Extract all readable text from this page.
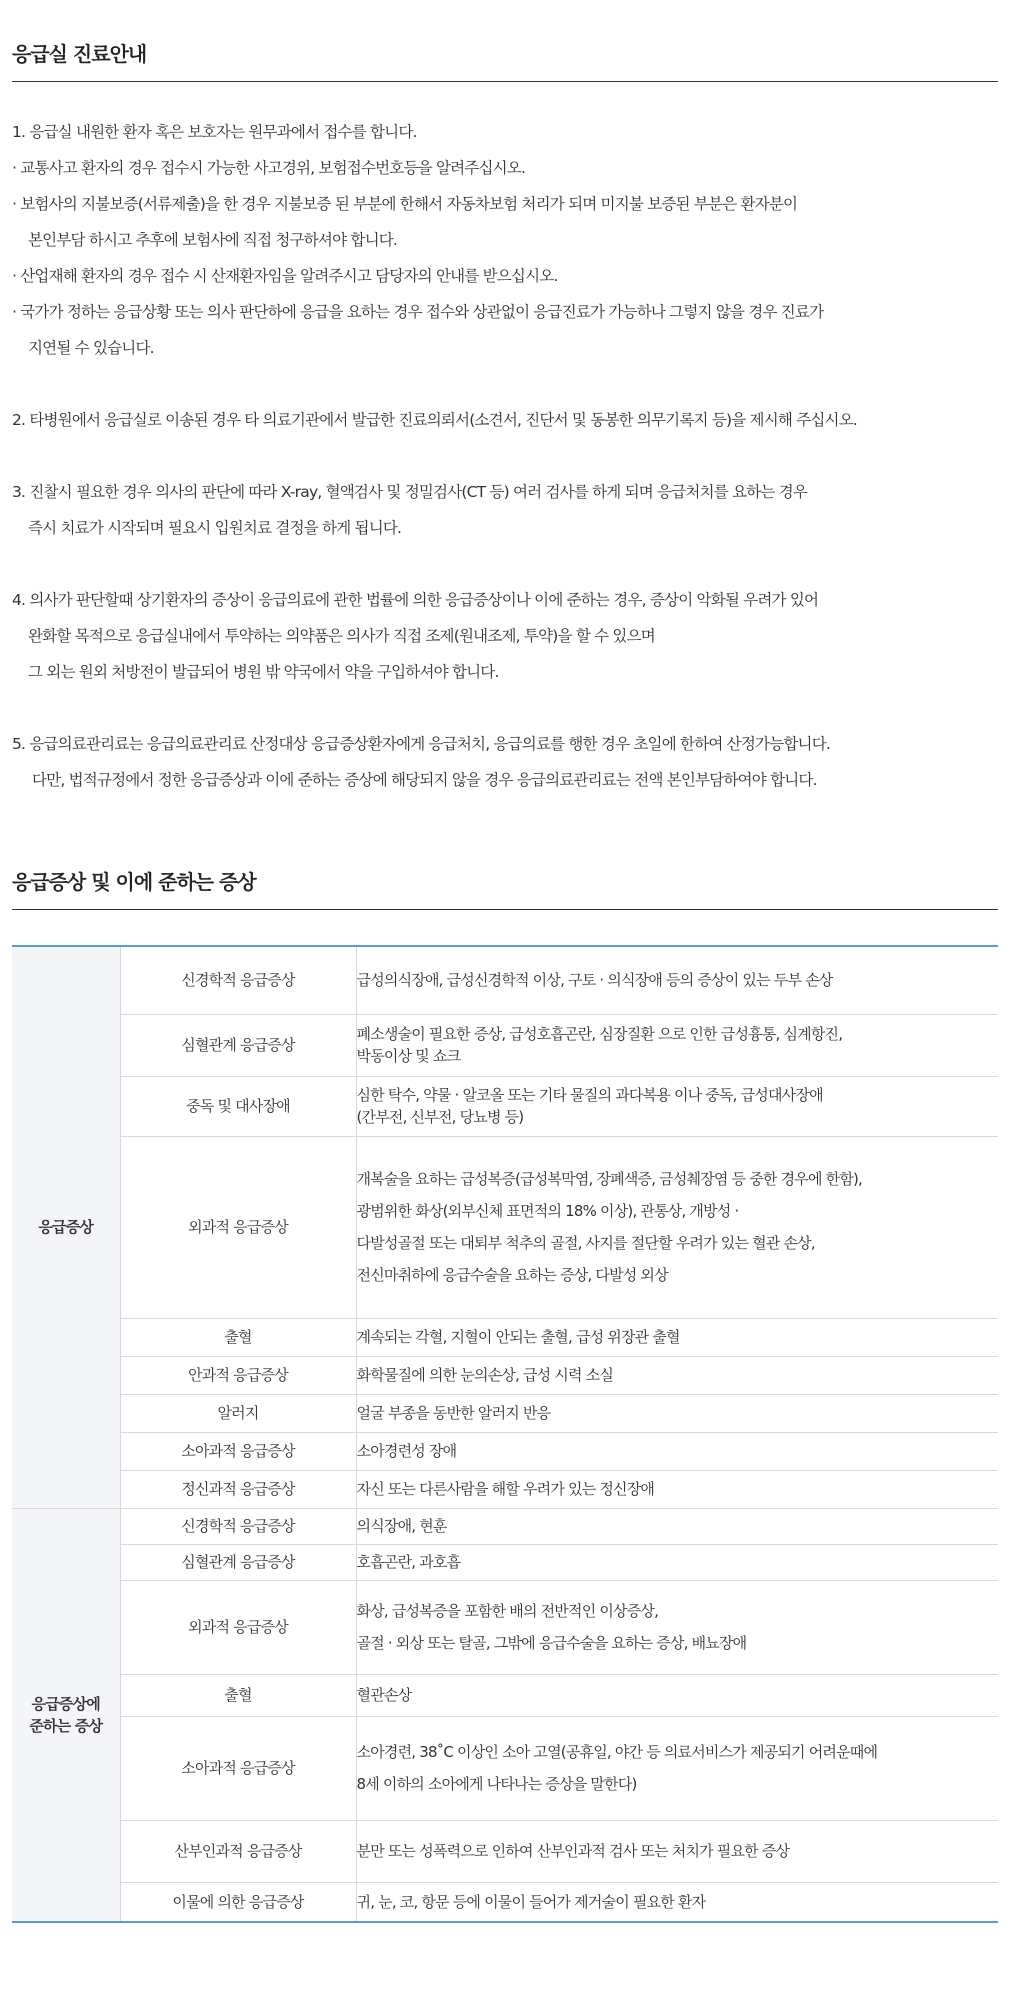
응급실 진료안내
1. 응급실 내원한 환자 혹은 보호자는 원무과에서 접수를 합니다.
· 교통사고 환자의 경우 접수시 가능한 사고경위, 보험접수번호등을 알려주십시오.
· 보험사의 지불보증(서류제출)을 한 경우 지불보증 된 부분에 한해서 자동차보험 처리가 되며 미지불 보증된 부분은 환자분이
본인부담 하시고 추후에 보험사에 직접 청구하셔야 합니다.
· 산업재해 환자의 경우 접수 시 산재환자임을 알려주시고 담당자의 안내를 받으십시오.
· 국가가 정하는 응급상황 또는 의사 판단하에 응급을 요하는 경우 접수와 상관없이 응급진료가 가능하나 그렇지 않을 경우 진료가
지연될 수 있습니다.
2. 타병원에서 응급실로 이송된 경우 타 의료기관에서 발급한 진료의뢰서(소견서, 진단서 및 동봉한 의무기록지 등)을 제시해 주십시오.
3. 진찰시 필요한 경우 의사의 판단에 따라 X-ray, 혈액검사 및 정밀검사(CT 등) 여러 검사를 하게 되며 응급처치를 요하는 경우
즉시 치료가 시작되며 필요시 입원치료 결정을 하게 됩니다.
4. 의사가 판단할때 상기환자의 증상이 응급의료에 관한 법률에 의한 응급증상이나 이에 준하는 경우, 증상이 악화될 우려가 있어
완화할 목적으로 응급실내에서 투약하는 의약품은 의사가 직접 조제(원내조제, 투약)을 할 수 있으며
그 외는 원외 처방전이 발급되어 병원 밖 약국에서 약을 구입하셔야 합니다.
5. 응급의료관리료는 응급의료관리료 산정대상 응급증상환자에게 응급처치, 응급의료를 행한 경우 초일에 한하여 산정가능합니다.
다만, 법적규정에서 정한 응급증상과 이에 준하는 증상에 해당되지 않을 경우 응급의료관리료는 전액 본인부담하여야 합니다.
응급증상 및 이에 준하는 증상
응급증상	신경학적 응급증상	급성의식장애, 급성신경학적 이상, 구토 · 의식장애 등의 증상이 있는 두부 손상

	심혈관계 응급증상	폐소생술이 필요한 증상, 급성호흡곤란, 심장질환 으로 인한 급성흉통, 심계항진,
박동이상 및 쇼크

	중독 및 대사장애	심한 탁수, 약물 · 알코올 또는 기타 물질의 과다복용 이나 중독, 급성대사장애
(간부전, 신부전, 당뇨병 등)

	외과적 응급증상	개복술을 요하는 급성복증(급성복막염, 장폐색증, 금성췌장염 등 중한 경우에 한함),
광범위한 화상(외부신체 표면적의 18% 이상), 관통상, 개방성 ·
다발성골절 또는 대퇴부 척추의 골절, 사지를 절단할 우려가 있는 혈관 손상,
전신마취하에 응급수술을 요하는 증상, 다발성 외상

	출혈	계속되는 각혈, 지혈이 안되는 출혈, 급성 위장관 출혈

	안과적 응급증상	화학물질에 의한 눈의손상, 급성 시력 소실

	알러지	얼굴 부종을 동반한 알러지 반응

	소아과적 응급증상	소아경련성 장애

	정신과적 응급증상	자신 또는 다른사람을 해할 우려가 있는 정신장애

응급증상에
준하는 증상	신경학적 응급증상	의식장애, 현훈

	심혈관계 응급증상	호흡곤란, 과호흡

	외과적 응급증상	화상, 급성복증을 포함한 배의 전반적인 이상증상,
골절 · 외상 또는 탈골, 그밖에 응급수술을 요하는 증상, 배뇨장애

	출혈	혈관손상

	소아과적 응급증상	소아경련, 38˚C 이상인 소아 고열(공휴일, 야간 등 의료서비스가 제공되기 어려운때에
8세 이하의 소아에게 나타나는 증상을 말한다)

	산부인과적 응급증상	분만 또는 성폭력으로 인하여 산부인과적 검사 또는 처치가 필요한 증상

	이물에 의한 응급증상	귀, 눈, 코, 항문 등에 이물이 들어가 제거술이 필요한 환자
